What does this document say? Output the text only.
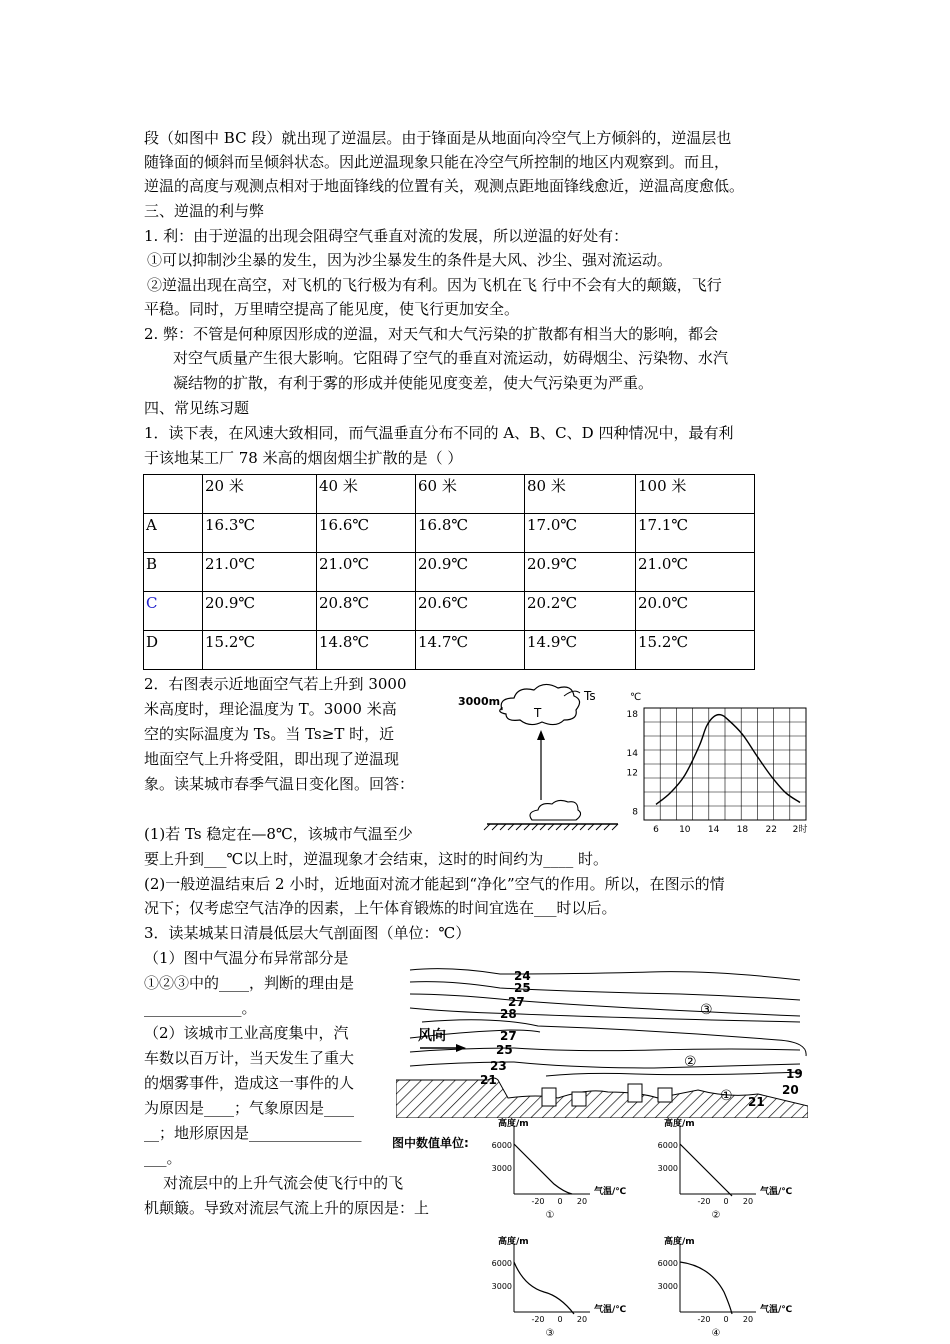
段（如图中 BC 段）就出现了逆温层。由于锋面是从地面向冷空气上方倾斜的，逆温层也
随锋面的倾斜而呈倾斜状态。因此逆温现象只能在冷空气所控制的地区内观察到。而且，
逆温的高度与观测点相对于地面锋线的位置有关，观测点距地面锋线愈近，逆温高度愈低。
三、逆温的利与弊
1. 利：由于逆温的出现会阻碍空气垂直对流的发展，所以逆温的好处有：
①可以抑制沙尘暴的发生，因为沙尘暴发生的条件是大风、沙尘、强对流运动。
②逆温出现在高空，对飞机的飞行极为有利。因为飞机在飞 行中不会有大的颠簸，飞行
平稳。同时，万里晴空提高了能见度，使飞行更加安全。
2. 弊：不管是何种原因形成的逆温，对天气和大气污染的扩散都有相当大的影响，都会
对空气质量产生很大影响。它阻碍了空气的垂直对流运动，妨碍烟尘、污染物、水汽
凝结物的扩散，有利于雾的形成并使能见度变差，使大气污染更为严重。
四、常见练习题
1．读下表，在风速大致相同，而气温垂直分布不同的 A、B、C、D 四种情况中，最有利
于该地某工厂 78 米高的烟囱烟尘扩散的是（ ）
	20 米	40 米	60 米	80 米	100 米
A	16.3℃	16.6℃	16.8℃	17.0℃	17.1℃
B	21.0℃	21.0℃	20.9℃	20.9℃	21.0℃
C	20.9℃	20.8℃	20.6℃	20.2℃	20.0℃
D	15.2℃	14.8℃	14.7℃	14.9℃	15.2℃
2．右图表示近地面空气若上升到 3000
米高度时，理论温度为 T。3000 米高
空的实际温度为 Ts。当 Ts≥T 时，近
地面空气上升将受阻，即出现了逆温现
象。读某城市春季气温日变化图。回答：
(1)若 Ts 稳定在—8℃，该城市气温至少
要上升到___℃以上时，逆温现象才会结束，这时的时间约为____ 时。
(2)一般逆温结束后 2 小时，近地面对流才能起到“净化”空气的作用。所以，在图示的情
况下；仅考虑空气洁净的因素，上午体育锻炼的时间宜选在___时以后。
3．读某城某日清晨低层大气剖面图（单位：℃）
（1）图中气温分布异常部分是
①②③中的____，判断的理由是
_____________。
（2）该城市工业高度集中，汽
车数以百万计，当天发生了重大
的烟雾事件，造成这一事件的人
为原因是____；气象原因是____
__；地形原因是_______________
___。
对流层中的上升气流会使飞行中的飞
机颠簸。导致对流层气流上升的原因是：上
3000m
T
Ts	℃
8
12
14
18
6 10 14 18 22 2时
24
25
27
28
27
25
23
21	19
20
21
③
②
①
风向
图中数值单位:
高度/m
气温/℃
6000
3000
-20 0 20
①
高度/m
气温/℃
6000
3000
-20 0 20
②
高度/m
气温/℃
6000
3000
-20 0 20
③
高度/m
气温/℃
6000
3000
-20 0 20
④
